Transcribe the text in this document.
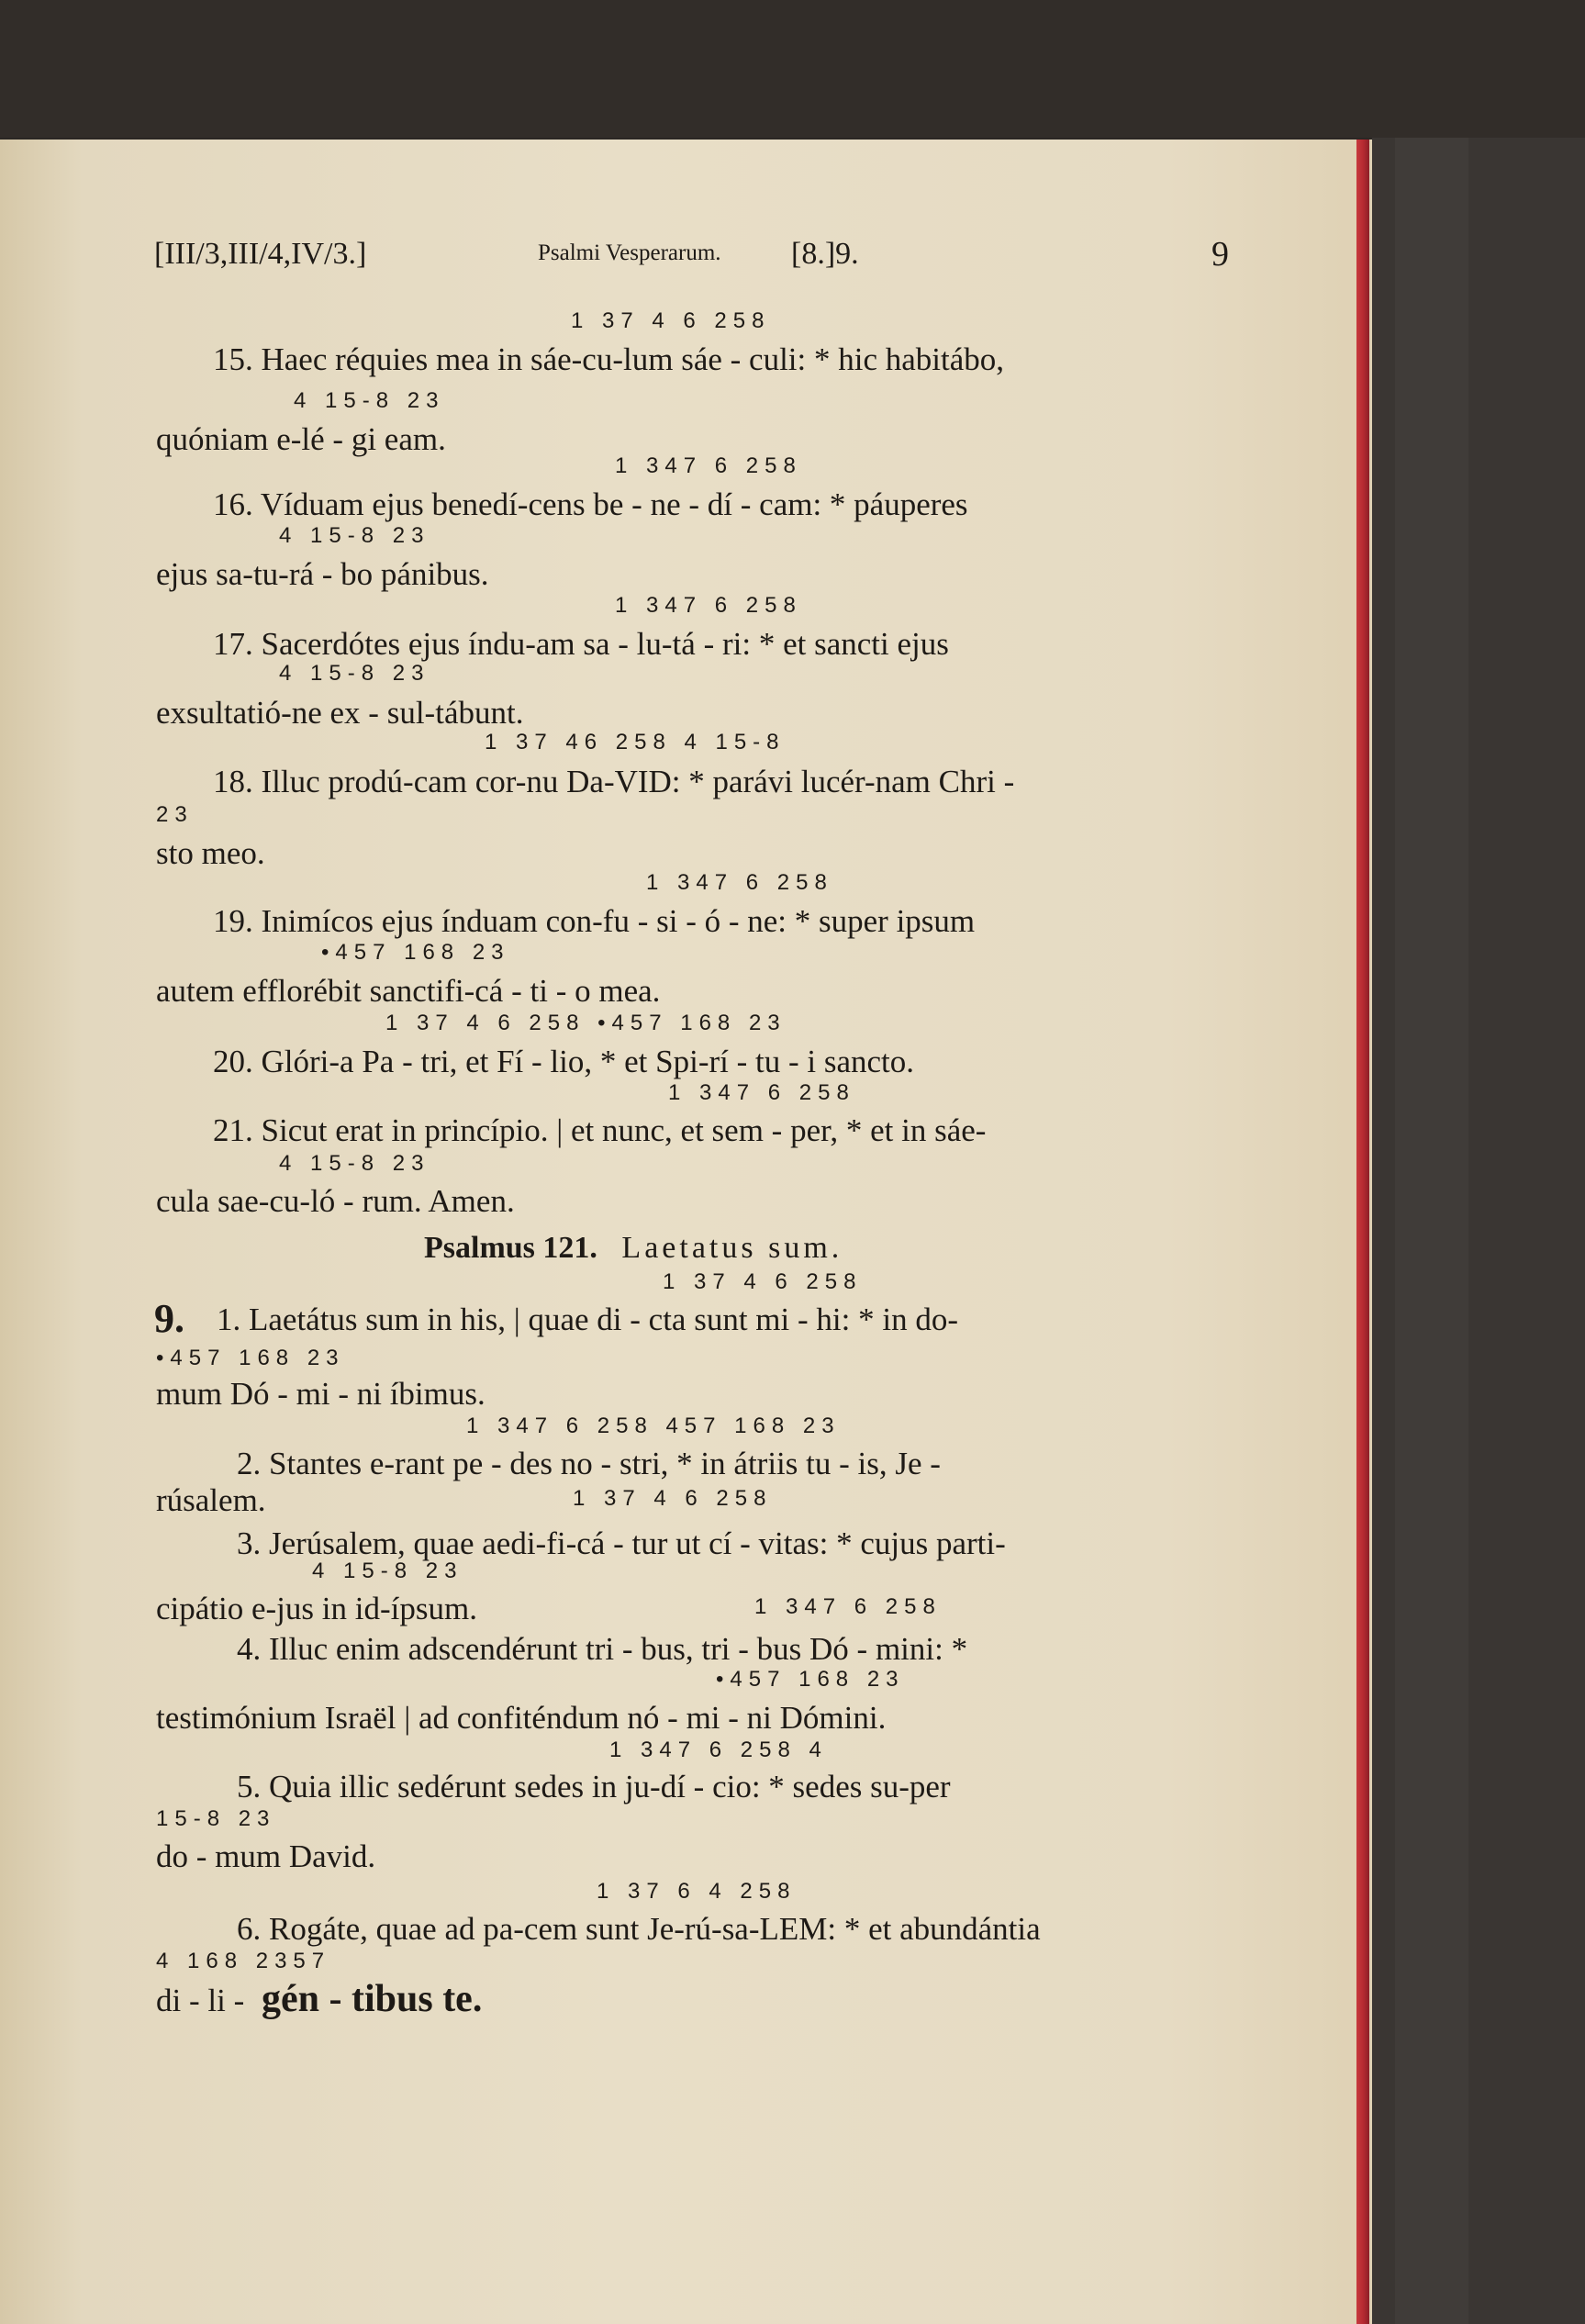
[III/3,III/4,IV/3.]	Psalmi Vesperarum. [8.]9.	9
1 37 4 6 258
15. Haec réquies mea in sáe-cu-lum sáe - culi: * hic habitábo,
4 15-8 23
quóniam e-lé - gi eam.
1 347 6 258
16. Víduam ejus benedí-cens be - ne - dí - cam: * páuperes
4 15-8 23
ejus sa-tu-rá - bo pánibus.
1 347 6 258
17. Sacerdótes ejus índu-am sa - lu-tá - ri: * et sancti ejus
4 15-8 23
exsultatió-ne ex - sul-tábunt.
1 37 46 258 4 15-8
18. Illuc prodú-cam cor-nu Da-VID: * parávi lucér-nam Chri -
23
sto meo.
1 347 6 258
19. Inimícos ejus índuam con-fu - si - ó - ne: * super ipsum
•457 168 23
autem efflorébit sanctifi-cá - ti - o mea.
1 37 4 6 258 •457 168 23
20. Glóri-a Pa - tri, et Fí - lio, * et Spi-rí - tu - i sancto.
1 347 6 258
21. Sicut erat in princípio. | et nunc, et sem - per, * et in sáe-
4 15-8 23
cula sae-cu-ló - rum. Amen.
Psalmus 121. Laetatus sum.
1 37 4 6 258
9. 1. Laetátus sum in his, | quae di - cta sunt mi - hi: * in do-
•457 168 23
mum Dó - mi - ni íbimus.
1 347 6 258 457 168 23
2. Stantes e-rant pe - des no - stri, * in átriis tu - is, Je -
rúsalem.	1 37 4 6 258
3. Jerúsalem, quae aedi-fi-cá - tur ut cí - vitas: * cujus parti-
4 15-8 23
cipátio e-jus in id-ípsum.	1 347 6 258
4. Illuc enim adscendérunt tri - bus, tri - bus Dó - mini: *
•457 168 23
testimónium Israël | ad confiténdum nó - mi - ni Dómini.
1 347 6 258 4
5. Quia illic sedérunt sedes in ju-dí - cio: * sedes su-per
15-8 23
do - mum David.
1 37 6 4 258
6. Rogáte, quae ad pa-cem sunt Je-rú-sa-LEM: * et abundántia
4 168 2357
di - li - gén - tibus te.
